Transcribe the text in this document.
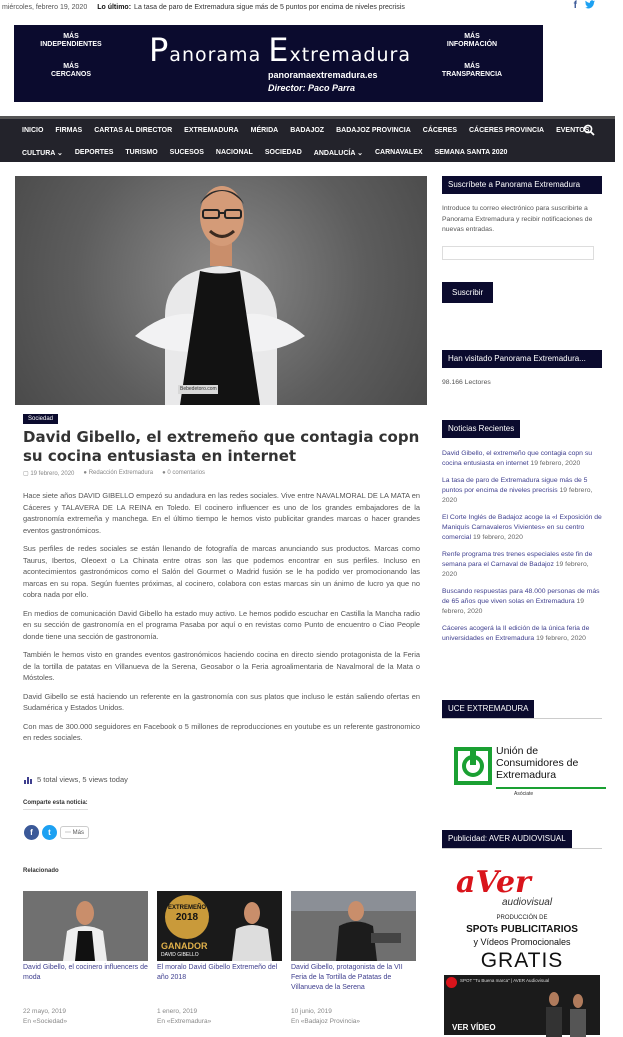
miércoles, febrero 19, 2020 Lo último: La tasa de paro de Extremadura sigue más de 5 puntos por encima de niveles precrisis	f
MÁS
INDEPENDIENTES
MÁS
CERCANOS
Panorama Extremadura
panoramaextremadura.es
Director: Paco Parra
MÁS
INFORMACIÓN
MÁS
TRANSPARENCIA
INICIO FIRMAS CARTAS AL DIRECTOR EXTREMADURA MÉRIDA BADAJOZ BADAJOZ PROVINCIA CÁCERES CÁCERES PROVINCIA EVENTOS
CULTURA ⌄ DEPORTES TURISMO SUCESOS NACIONAL SOCIEDAD ANDALUCÍA ⌄ CARNAVALEX SEMANA SANTA 2020
Bebedetoro.com
Sociedad
David Gibello, el extremeño que contagia copn su cocina entusiasta en internet
▢ 19 febrero, 2020 ● Redacción Extremadura ● 0 comentarios

Hace siete años DAVID GIBELLO empezó su andadura en las redes sociales. Vive entre NAVALMORAL DE LA MATA en Cáceres y TALAVERA DE LA REINA en Toledo. El cocinero influencer es uno de los grandes embajadores de la gastronomía extremeña y manchega. En el último tiempo le hemos visto publicitar grandes marcas o hacer grandes eventos gastronómicos.

Sus perfiles de redes sociales se están llenando de fotografía de marcas anunciando sus productos. Marcas como Taurus, Ibertos, Oleoext o La Chinata entre otras son las que podemos encontrar en sus perfiles. Incluso en acontecimientos gastronómicos como el Salón del Gourmet o Madrid fusión se le ha podido ver promocionando las marcas en su ropa. Según fuentes próximas, al cocinero, colabora con estas marcas sin un ánimo de lucro ya que no cobra nada por ello.

En medios de comunicación David Gibello ha estado muy activo. Le hemos podido escuchar en Castilla la Mancha radio en su sección de gastronomía en el programa Pasaba por aquí o en revistas como Punto de encuentro o Ciao People donde tiene una sección de gastronomía.

También le hemos visto en grandes eventos gastronómicos haciendo cocina en directo siendo protagonista de la Feria de la tortilla de patatas en Villanueva de la Serena, Geosabor o la Feria agroalimentaria de Navalmoral de la Mata o Móstoles.

David Gibello se está haciendo un referente en la gastronomía con sus platos que incluso le están saliendo ofertas en Sudamérica y Estados Unidos.

Con mas de 300.000 seguidores en Facebook o 5 millones de reproducciones en youtube es un referente gastronomico en redes sociales.

5 total views, 5 views today
Comparte esta noticia:
f	t	⋯ Más
Relacionado
David Gibello, el cocinero influencers de moda
22 mayo, 2019
En «Sociedad»
EXTREMEÑO
2018
GANADOR
DAVID GIBELLO
El moralo David Gibello Extremeño del año 2018
1 enero, 2019
En «Extremadura»
David Gibello, protagonista de la VII Feria de la Tortilla de Patatas de Villanueva de la Serena
10 junio, 2019
En «Badajoz Provincia»
Suscríbete a Panorama Extremadura
Introduce tu correo electrónico para suscribirte a Panorama Extremadura y recibir notificaciones de nuevas entradas.
Suscribir
Han visitado Panorama Extremadura...
98.166 Lectores
Noticias Recientes
David Gibello, el extremeño que contagia copn su cocina entusiasta en internet 19 febrero, 2020
La tasa de paro de Extremadura sigue más de 5 puntos por encima de niveles precrisis 19 febrero, 2020
El Corte Inglés de Badajoz acoge la «I Exposición de Maniquís Carnavaleros Vivientes» en su centro comercial 19 febrero, 2020
Renfe programa tres trenes especiales este fin de semana para el Carnaval de Badajoz 19 febrero, 2020
Buscando respuestas para 48.000 personas de más de 65 años que viven solas en Extremadura 19 febrero, 2020
Cáceres acogerá la II edición de la única feria de universidades en Extremadura 19 febrero, 2020
UCE EXTREMADURA
Unión de
Consumidores de
Extremadura
Asóciate
Publicidad: AVER AUDIOVISUAL
aVer
audiovisual
PRODUCCIÓN DE
SPOTs PUBLICITARIOS
y Vídeos Promocionales
GRATIS
SPOT "Tu Buena marca" | AVER Audiovisual
VER VÍDEO
